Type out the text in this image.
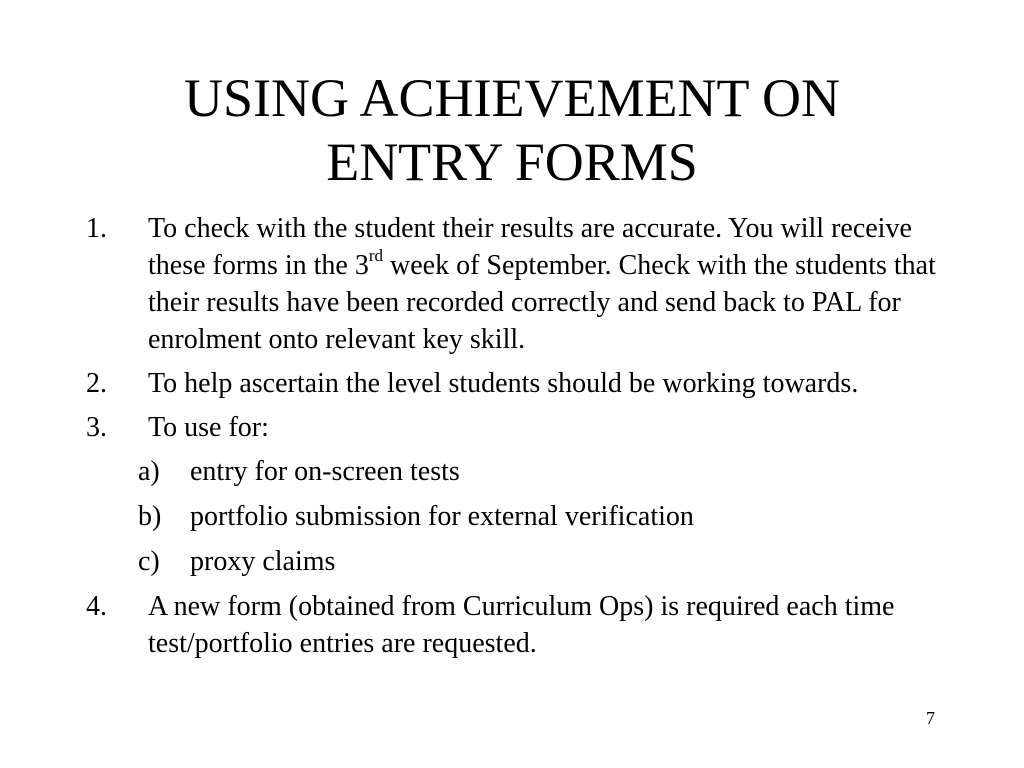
USING ACHIEVEMENT ON
ENTRY FORMS
1. To check with the student their results are accurate. You will receive these forms in the 3rd week of September. Check with the students that their results have been recorded correctly and send back to PAL for enrolment onto relevant key skill.
2. To help ascertain the level students should be working towards.
3. To use for:
a) entry for on-screen tests
b) portfolio submission for external verification
c) proxy claims
4. A new form (obtained from Curriculum Ops) is required each time test/portfolio entries are requested.
7
